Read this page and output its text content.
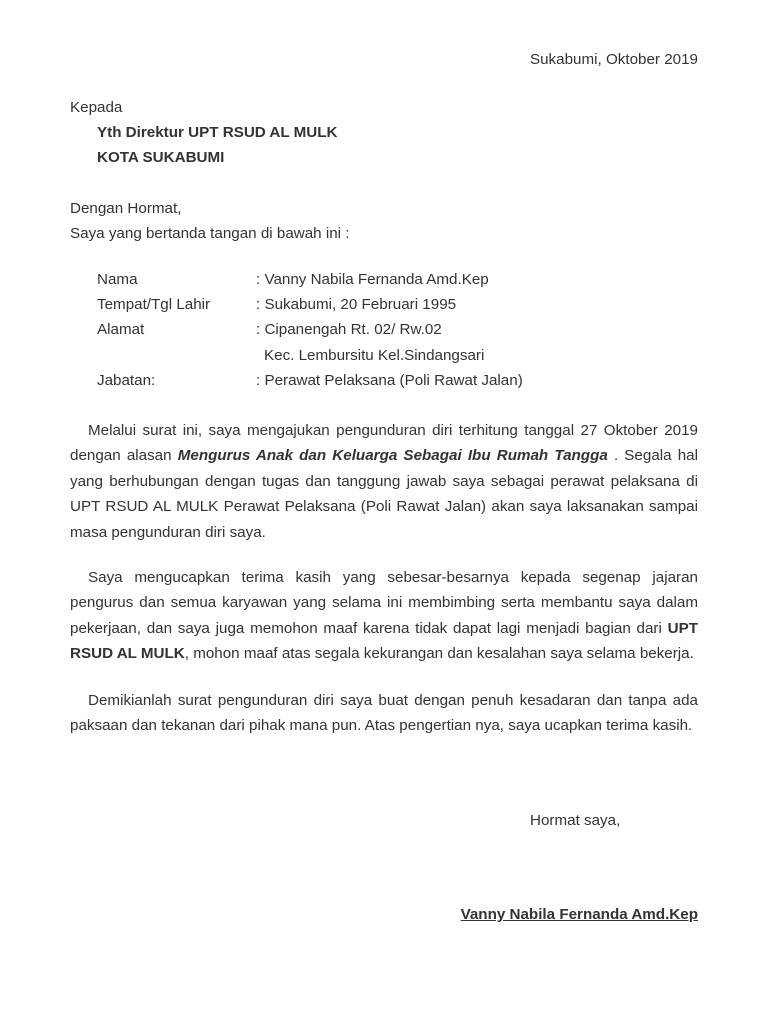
Sukabumi, Oktober 2019
Kepada
Yth Direktur UPT RSUD AL MULK
KOTA SUKABUMI
Dengan Hormat,
Saya yang bertanda tangan di bawah ini :
Nama	: Vanny Nabila Fernanda Amd.Kep
Tempat/Tgl Lahir	: Sukabumi, 20 Februari 1995
Alamat	: Cipanengah Rt. 02/ Rw.02
Kec. Lembursitu Kel.Sindangsari
Jabatan:	: Perawat Pelaksana (Poli Rawat Jalan)
Melalui surat ini, saya mengajukan pengunduran diri terhitung tanggal 27 Oktober 2019 dengan alasan Mengurus Anak dan Keluarga Sebagai Ibu Rumah Tangga . Segala hal yang berhubungan dengan tugas dan tanggung jawab saya sebagai perawat pelaksana di UPT RSUD AL MULK Perawat Pelaksana (Poli Rawat Jalan) akan saya laksanakan sampai masa pengunduran diri saya.
Saya mengucapkan terima kasih yang sebesar-besarnya kepada segenap jajaran pengurus dan semua karyawan yang selama ini membimbing serta membantu saya dalam pekerjaan, dan saya juga memohon maaf karena tidak dapat lagi menjadi bagian dari UPT RSUD AL MULK, mohon maaf atas segala kekurangan dan kesalahan saya selama bekerja.
Demikianlah surat pengunduran diri saya buat dengan penuh kesadaran dan tanpa ada paksaan dan tekanan dari pihak mana pun. Atas pengertian nya, saya ucapkan terima kasih.
Hormat saya,
Vanny Nabila Fernanda Amd.Kep
